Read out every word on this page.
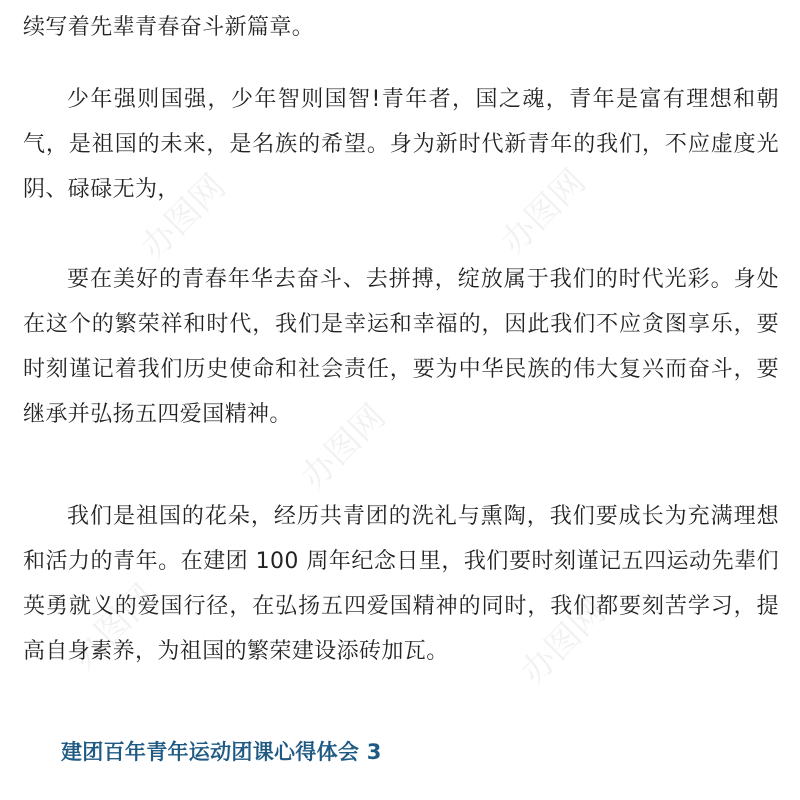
续写着先辈青春奋斗新篇章。

少年强则国强，少年智则国智!青年者，国之魂，青年是富有理想和朝气，是祖国的未来，是名族的希望。身为新时代新青年的我们，不应虚度光阴、碌碌无为，

要在美好的青春年华去奋斗、去拼搏，绽放属于我们的时代光彩。身处在这个的繁荣祥和时代，我们是幸运和幸福的，因此我们不应贪图享乐，要时刻谨记着我们历史使命和社会责任，要为中华民族的伟大复兴而奋斗，要继承并弘扬五四爱国精神。

我们是祖国的花朵，经历共青团的洗礼与熏陶，我们要成长为充满理想和活力的青年。在建团 100 周年纪念日里，我们要时刻谨记五四运动先辈们英勇就义的爱国行径，在弘扬五四爱国精神的同时，我们都要刻苦学习，提高自身素养，为祖国的繁荣建设添砖加瓦。

建团百年青年运动团课心得体会 3
办图网	办图网
办图网
办图网
办图网
